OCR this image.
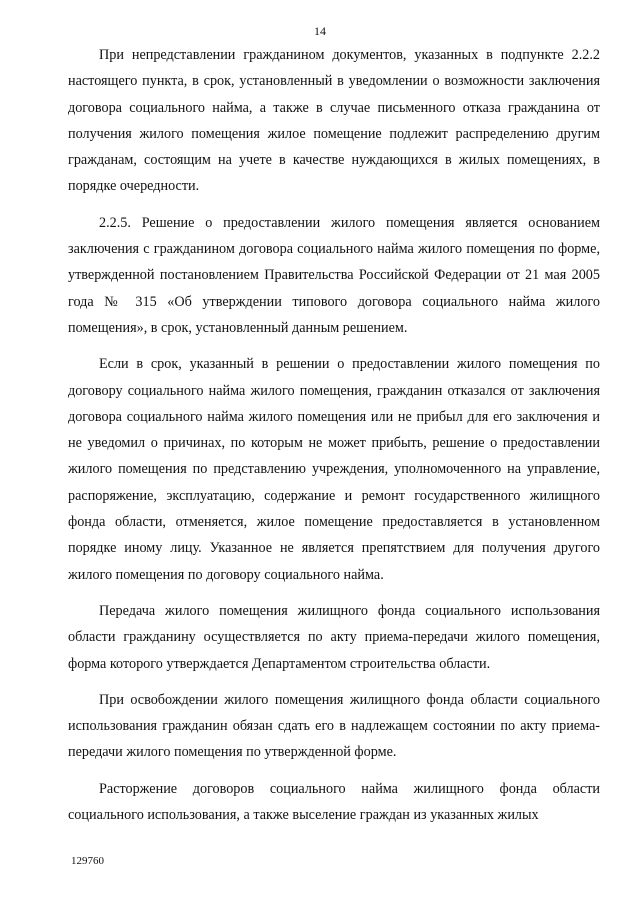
14

При непредставлении гражданином документов, указанных в подпункте 2.2.2 настоящего пункта, в срок, установленный в уведомлении о возможности заключения договора социального найма, а также в случае письменного отказа гражданина от получения жилого помещения жилое помещение подлежит распределению другим гражданам, состоящим на учете в качестве нуждающихся в жилых помещениях, в порядке очередности.

2.2.5. Решение о предоставлении жилого помещения является основанием заключения с гражданином договора социального найма жилого помещения по форме, утвержденной постановлением Правительства Российской Федерации от 21 мая 2005 года № 315 «Об утверждении типового договора социального найма жилого помещения», в срок, установленный данным решением.

Если в срок, указанный в решении о предоставлении жилого помещения по договору социального найма жилого помещения, гражданин отказался от заключения договора социального найма жилого помещения или не прибыл для его заключения и не уведомил о причинах, по которым не может прибыть, решение о предоставлении жилого помещения по представлению учреждения, уполномоченного на управление, распоряжение, эксплуатацию, содержание и ремонт государственного жилищного фонда области, отменяется, жилое помещение предоставляется в установленном порядке иному лицу. Указанное не является препятствием для получения другого жилого помещения по договору социального найма.

Передача жилого помещения жилищного фонда социального использования области гражданину осуществляется по акту приема-передачи жилого помещения, форма которого утверждается Департаментом строительства области.

При освобождении жилого помещения жилищного фонда области социального использования гражданин обязан сдать его в надлежащем состоянии по акту приема-передачи жилого помещения по утвержденной форме.

Расторжение договоров социального найма жилищного фонда области социального использования, а также выселение граждан из указанных жилых

129760
